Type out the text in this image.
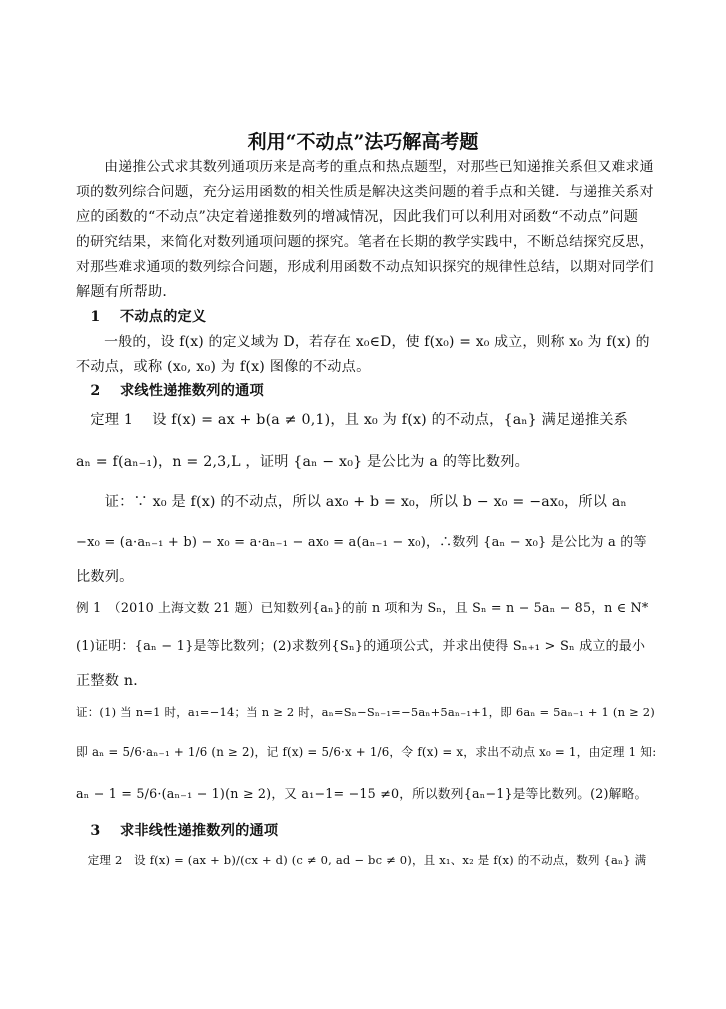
利用“不动点”法巧解高考题
　　由递推公式求其数列通项历来是高考的重点和热点题型，对那些已知递推关系但又难求通
项的数列综合问题，充分运用函数的相关性质是解决这类问题的着手点和关键．与递推关系对
应的函数的“不动点”决定着递推数列的增减情况，因此我们可以利用对函数“不动点”问题
的研究结果，来简化对数列通项问题的探究。笔者在长期的教学实践中，不断总结探究反思，
对那些难求通项的数列综合问题，形成利用函数不动点知识探究的规律性总结，以期对同学们
解题有所帮助．
　1　 不动点的定义
　　一般的，设 f(x) 的定义域为 D，若存在 x₀∈D，使 f(x₀) = x₀ 成立，则称 x₀ 为 f(x) 的
不动点，或称 (x₀, x₀) 为 f(x) 图像的不动点。
　2　 求线性递推数列的通项
　定理 1　 设 f(x) = ax + b(a ≠ 0,1)，且 x₀ 为 f(x) 的不动点，{aₙ} 满足递推关系
aₙ = f(aₙ₋₁)，n = 2,3,L ，证明 {aₙ − x₀} 是公比为 a 的等比数列。
　　证：∵ x₀ 是 f(x) 的不动点，所以 ax₀ + b = x₀，所以 b − x₀ = −ax₀，所以 aₙ
−x₀ = (a·aₙ₋₁ + b) − x₀ = a·aₙ₋₁ − ax₀ = a(aₙ₋₁ − x₀)，∴数列 {aₙ − x₀} 是公比为 a 的等
比数列。
例 1　（2010 上海文数 21 题）已知数列{aₙ}的前 n 项和为 Sₙ，且 Sₙ = n − 5aₙ − 85，n ∈ N*
(1)证明：{aₙ − 1}是等比数列；(2)求数列{Sₙ}的通项公式，并求出使得 Sₙ₊₁ > Sₙ 成立的最小
正整数 n．
证：(1) 当 n=1 时，a₁=−14；当 n ≥ 2 时，aₙ=Sₙ−Sₙ₋₁=−5aₙ+5aₙ₋₁+1，即 6aₙ = 5aₙ₋₁ + 1 (n ≥ 2)
即 aₙ = 5/6·aₙ₋₁ + 1/6 (n ≥ 2)，记 f(x) = 5/6·x + 1/6，令 f(x) = x，求出不动点 x₀ = 1，由定理 1 知:
aₙ − 1 = 5/6·(aₙ₋₁ − 1)(n ≥ 2)，又 a₁−1= −15 ≠0，所以数列{aₙ−1}是等比数列。(2)解略。
　3　 求非线性递推数列的通项
　定理 2　设 f(x) = (ax + b)/(cx + d) (c ≠ 0, ad − bc ≠ 0)，且 x₁、x₂ 是 f(x) 的不动点，数列 {aₙ} 满
